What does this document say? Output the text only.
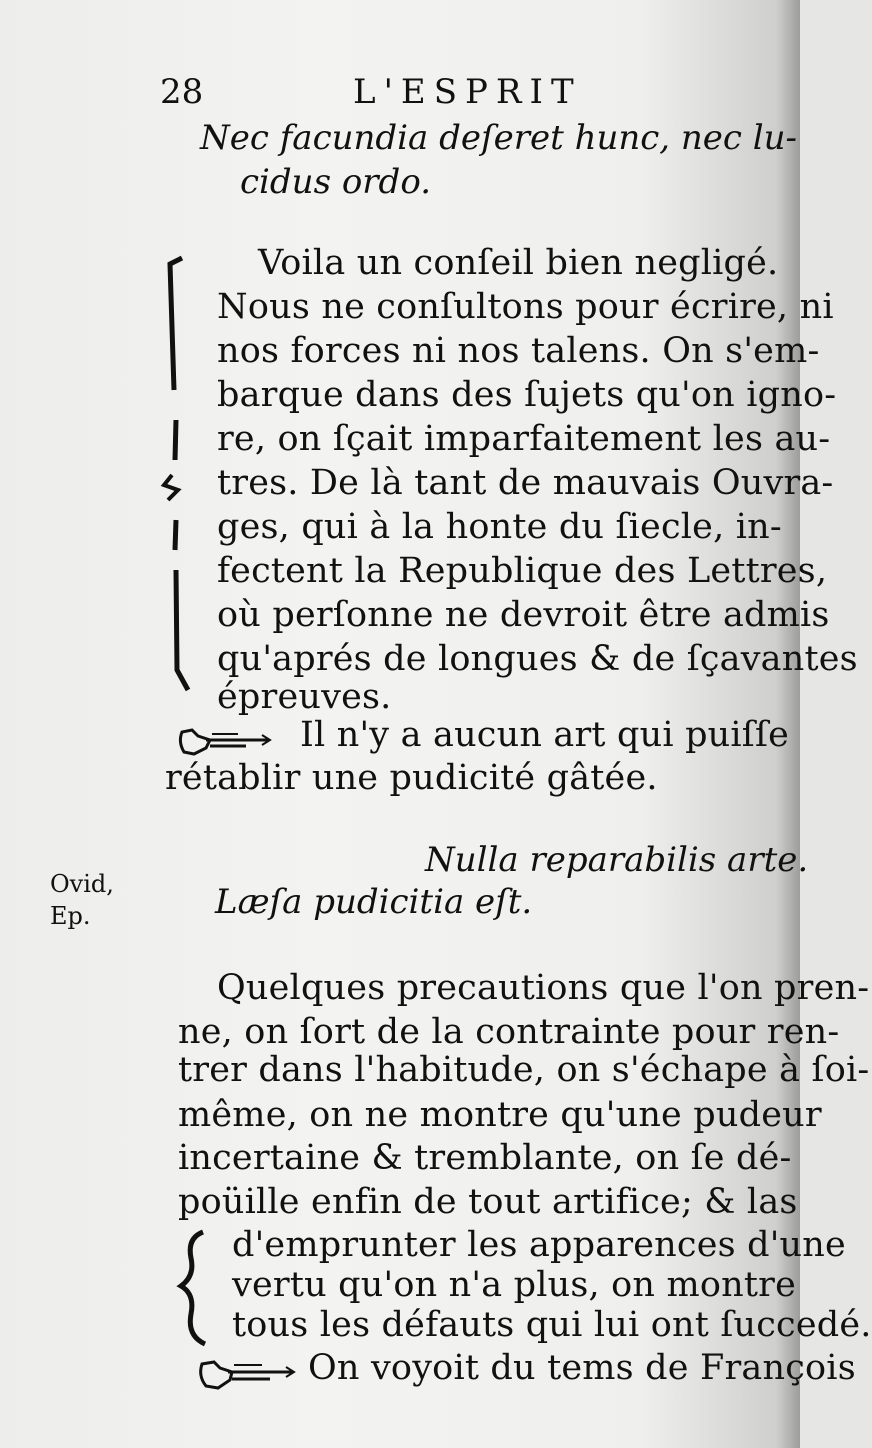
28	L'ESPRIT
Nec facundia deſeret hunc, nec lu-
cidus ordo.
Voila un conſeil bien negligé.
Nous ne conſultons pour écrire, ni
nos forces ni nos talens. On s'em-
barque dans des ſujets qu'on igno-
re, on ſçait imparfaitement les au-
tres. De là tant de mauvais Ouvra-
ges, qui à la honte du ſiecle, in-
fectent la Republique des Lettres,
où perſonne ne devroit être admis
qu'aprés de longues & de ſçavantes
épreuves.
Il n'y a aucun art qui puiſſe
rétablir une pudicité gâtée.
Nulla reparabilis arte.
Læſa pudicitia eſt.
Ovid,
Ep.
Quelques precautions que l'on pren-
ne, on ſort de la contrainte pour ren-
trer dans l'habitude, on s'échape à ſoi-
même, on ne montre qu'une pudeur
incertaine & tremblante, on ſe dé-
poüille enfin de tout artifice; & las
d'emprunter les apparences d'une
vertu qu'on n'a plus, on montre
tous les défauts qui lui ont ſuccedé.
On voyoit du tems de François
